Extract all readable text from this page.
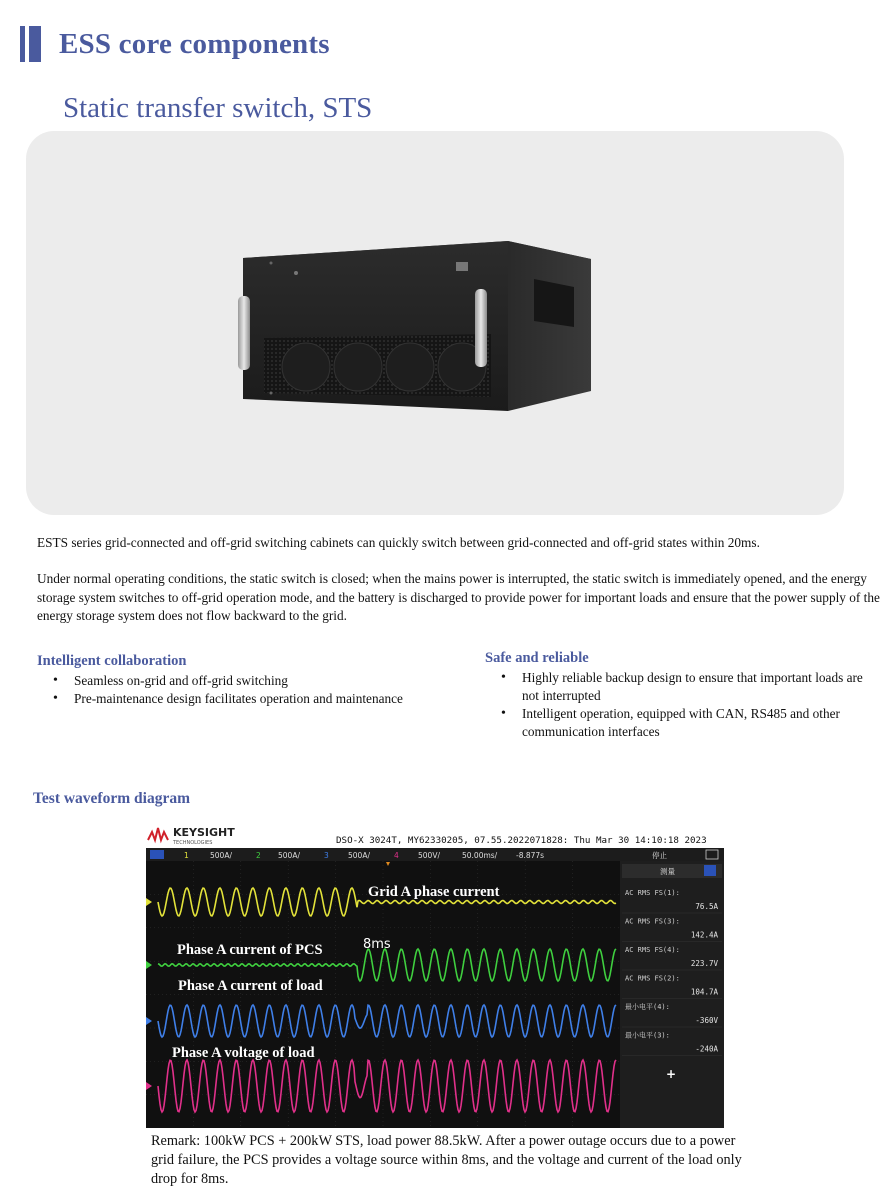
ESS core components
Static transfer switch, STS

ESTS series grid-connected and off-grid switching cabinets can quickly switch between grid-connected and off-grid states within 20ms.

Under normal operating conditions, the static switch is closed; when the mains power is interrupted, the static switch is immediately opened, and the energy storage system switches to off-grid operation mode, and the battery is discharged to provide power for important loads and ensure that the power supply of the energy storage system does not flow backward to the grid.

Intelligent collaboration
• Seamless on-grid and off-grid switching
• Pre-maintenance design facilitates operation and maintenance
Safe and reliable
• Highly reliable backup design to ensure that important loads are not interrupted
• Intelligent operation, equipped with CAN, RS485 and other communication interfaces
Test waveform diagram
KEYSIGHT
TECHNOLOGIES	DSO-X 3024T, MY62330205, 07.55.2022071828: Thu Mar 30 14:10:18 2023
1	500A/	2 500A/	3	500A/	4	500V/	50.00ms/	-8.877s	停止
Grid A phase current
Phase A current of PCS
Phase A current of load
Phase A voltage of load
8ms
测量
AC RMS FS(1):
76.5A
AC RMS FS(3):
142.4A
AC RMS FS(4):
223.7V
AC RMS FS(2):
104.7A
最小电平(4):
-360V
最小电平(3):
-240A
+

Remark: 100kW PCS + 200kW STS, load power 88.5kW. After a power outage occurs due to a power grid failure, the PCS provides a voltage source within 8ms, and the voltage and current of the load only drop for 8ms.
